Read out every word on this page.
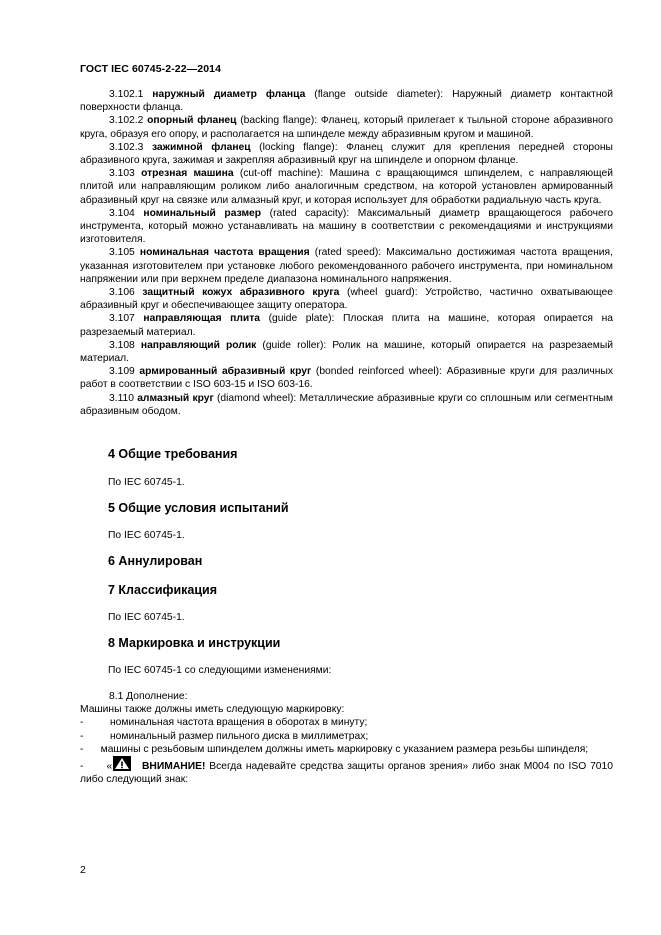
ГОСТ IEC 60745-2-22—2014

3.102.1 наружный диаметр фланца (flange outside diameter): Наружный диаметр контактной поверхности фланца.

3.102.2 опорный фланец (backing flange): Фланец, который прилегает к тыльной стороне абразивного круга, образуя его опору, и располагается на шпинделе между абразивным кругом и машиной.

3.102.3 зажимной фланец (locking flange): Фланец служит для крепления передней стороны абразивного круга, зажимая и закрепляя абразивный круг на шпинделе и опорном фланце.

3.103 отрезная машина (cut-off machine): Машина с вращающимся шпинделем, с направляющей плитой или направляющим роликом либо аналогичным средством, на которой установлен армированный абразивный круг на связке или алмазный круг, и которая использует для обработки радиальную часть круга.

3.104 номинальный размер (rated capacity): Максимальный диаметр вращающегося рабочего инструмента, который можно устанавливать на машину в соответствии с рекомендациями и инструкциями изготовителя.

3.105 номинальная частота вращения (rated speed): Максимально достижимая частота вращения, указанная изготовителем при установке любого рекомендованного рабочего инструмента, при номинальном напряжении или при верхнем пределе диапазона номинального напряжения.

3.106 защитный кожух абразивного круга (wheel guard): Устройство, частично охватывающее абразивный круг и обеспечивающее защиту оператора.

3.107 направляющая плита (guide plate): Плоская плита на машине, которая опирается на разрезаемый материал.

3.108 направляющий ролик (guide roller): Ролик на машине, который опирается на разрезаемый материал.

3.109 армированный абразивный круг (bonded reinforced wheel): Абразивные круги для различных работ в соответствии с ISO 603-15 и ISO 603-16.

3.110 алмазный круг (diamond wheel): Металлические абразивные круги со сплошным или сегментным абразивным ободом.

4 Общие требования
По IEC 60745-1.
5 Общие условия испытаний
По IEC 60745-1.
6 Аннулирован
7 Классификация
По IEC 60745-1.
8 Маркировка и инструкции
По IEC 60745-1 со следующими изменениями:

8.1 Дополнение:

Машины также должны иметь следующую маркировку:

-	номинальная частота вращения в оборотах в минуту;
-	номинальный размер пильного диска в миллиметрах;

- машины с резьбовым шпинделем должны иметь маркировку с указанием размера резьбы шпинделя;

- «	ВНИМАНИЕ! Всегда надевайте средства защиты органов зрения» либо знак М004 по ISO 7010 либо следующий знак:

2
